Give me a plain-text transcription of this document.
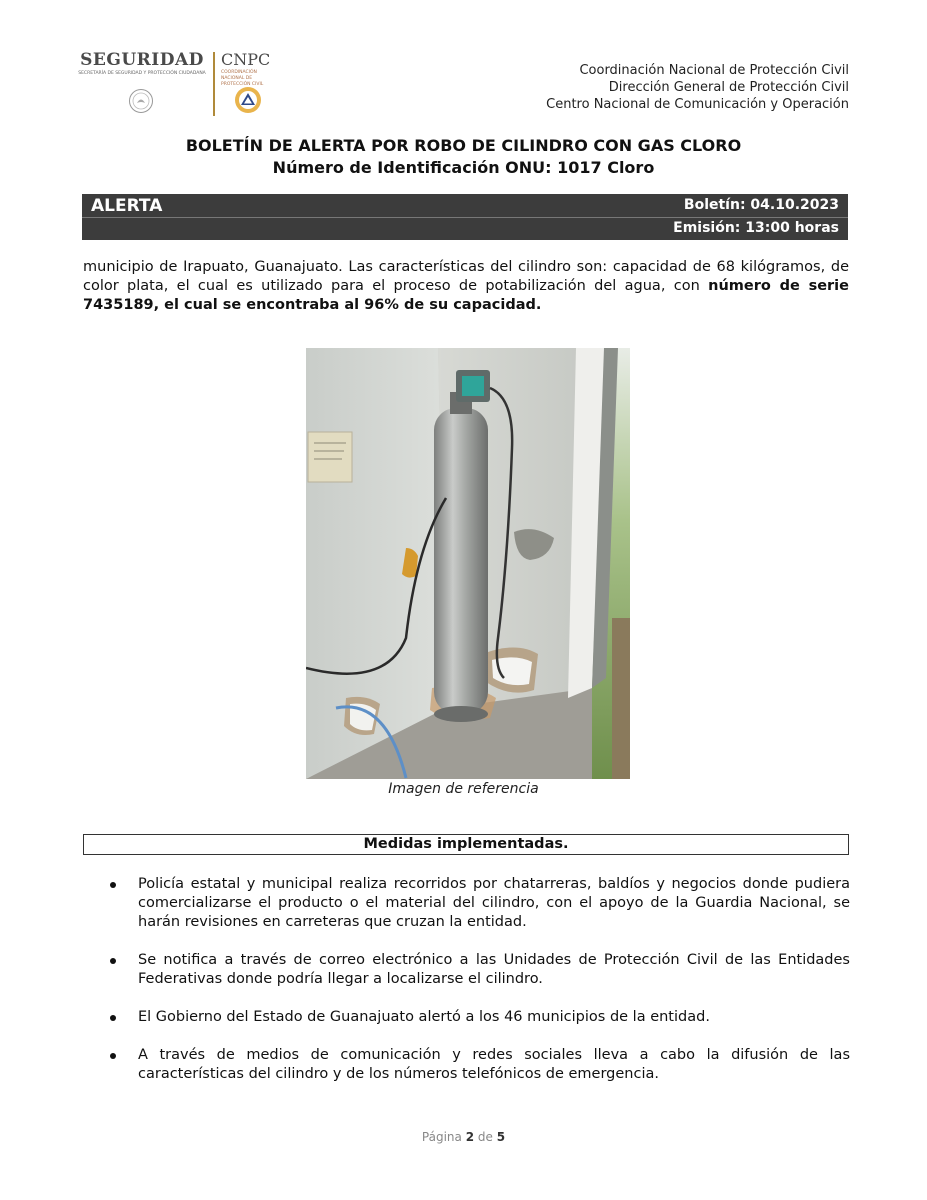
SEGURIDAD
SECRETARÍA DE SEGURIDAD Y PROTECCIÓN CIUDADANA
CNPC
COORDINACIÓN NACIONAL DE PROTECCIÓN CIVIL
Coordinación Nacional de Protección Civil
Dirección General de Protección Civil
Centro Nacional de Comunicación y Operación
BOLETÍN DE ALERTA POR ROBO DE CILINDRO CON GAS CLORO
Número de Identificación ONU: 1017 Cloro
ALERTA	Boletín: 04.10.2023
Emisión: 13:00 horas
municipio de Irapuato, Guanajuato. Las características del cilindro son: capacidad de 68 kilógramos, de color plata, el cual es utilizado para el proceso de potabilización del agua, con número de serie 7435189, el cual se encontraba al 96% de su capacidad.
Imagen de referencia
Medidas implementadas.
Policía estatal y municipal realiza recorridos por chatarreras, baldíos y negocios donde pudiera comercializarse el producto o el material del cilindro, con el apoyo de la Guardia Nacional, se harán revisiones en carreteras que cruzan la entidad.
Se notifica a través de correo electrónico a las Unidades de Protección Civil de las Entidades Federativas donde podría llegar a localizarse el cilindro.
El Gobierno del Estado de Guanajuato alertó a los 46 municipios de la entidad.
A través de medios de comunicación y redes sociales lleva a cabo la difusión de las características del cilindro y de los números telefónicos de emergencia.
Página 2 de 5
